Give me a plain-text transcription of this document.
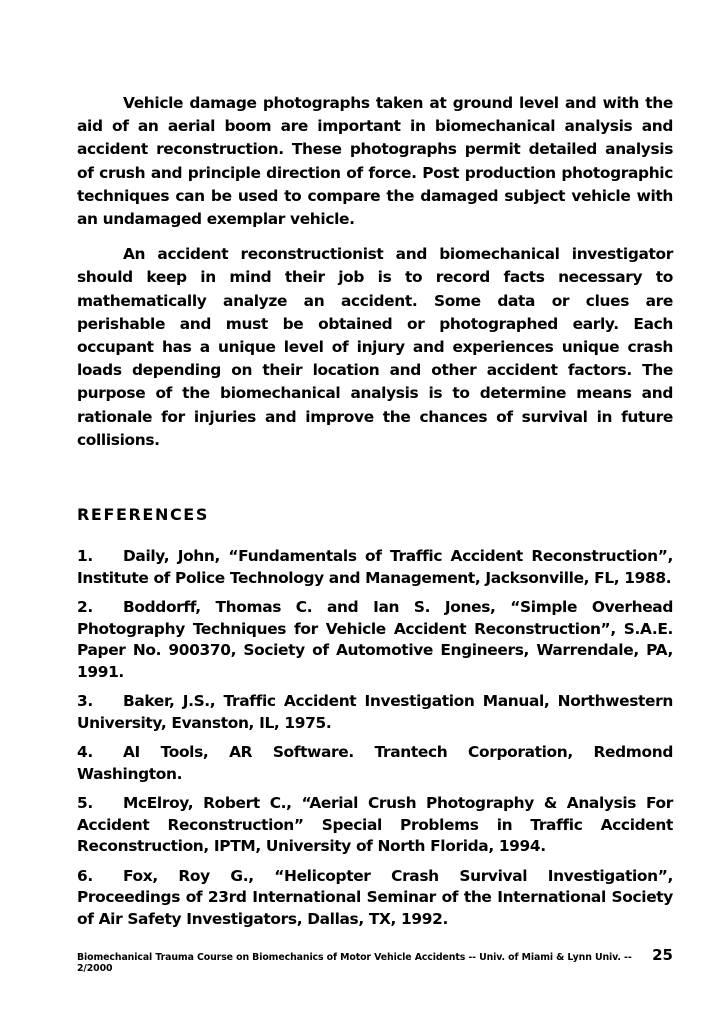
Vehicle damage photographs taken at ground level and with the aid of an aerial boom are important in biomechanical analysis and accident reconstruction. These photographs permit detailed analysis of crush and principle direction of force. Post production photographic techniques can be used to compare the damaged subject vehicle with an undamaged exemplar vehicle.

An accident reconstructionist and biomechanical investigator should keep in mind their job is to record facts necessary to mathematically analyze an accident. Some data or clues are perishable and must be obtained or photographed early. Each occupant has a unique level of injury and experiences unique crash loads depending on their location and other accident factors. The purpose of the biomechanical analysis is to determine means and rationale for injuries and improve the chances of survival in future collisions.

REFERENCES
1. Daily, John, “Fundamentals of Traffic Accident Reconstruction”, Institute of Police Technology and Management, Jacksonville, FL, 1988.
2. Boddorff, Thomas C. and Ian S. Jones, “Simple Overhead Photography Techniques for Vehicle Accident Reconstruction”, S.A.E. Paper No. 900370, Society of Automotive Engineers, Warrendale, PA, 1991.
3. Baker, J.S., Traffic Accident Investigation Manual, Northwestern University, Evanston, IL, 1975.
4. AI Tools, AR Software. Trantech Corporation, Redmond Washington.
5. McElroy, Robert C., “Aerial Crush Photography & Analysis For Accident Reconstruction” Special Problems in Traffic Accident Reconstruction, IPTM, University of North Florida, 1994.
6. Fox, Roy G., “Helicopter Crash Survival Investigation”, Proceedings of 23rd International Seminar of the International Society of Air Safety Investigators, Dallas, TX, 1992.
Biomechanical Trauma Course on Biomechanics of Motor Vehicle Accidents -- Univ. of Miami & Lynn Univ. -- 2/2000
25
